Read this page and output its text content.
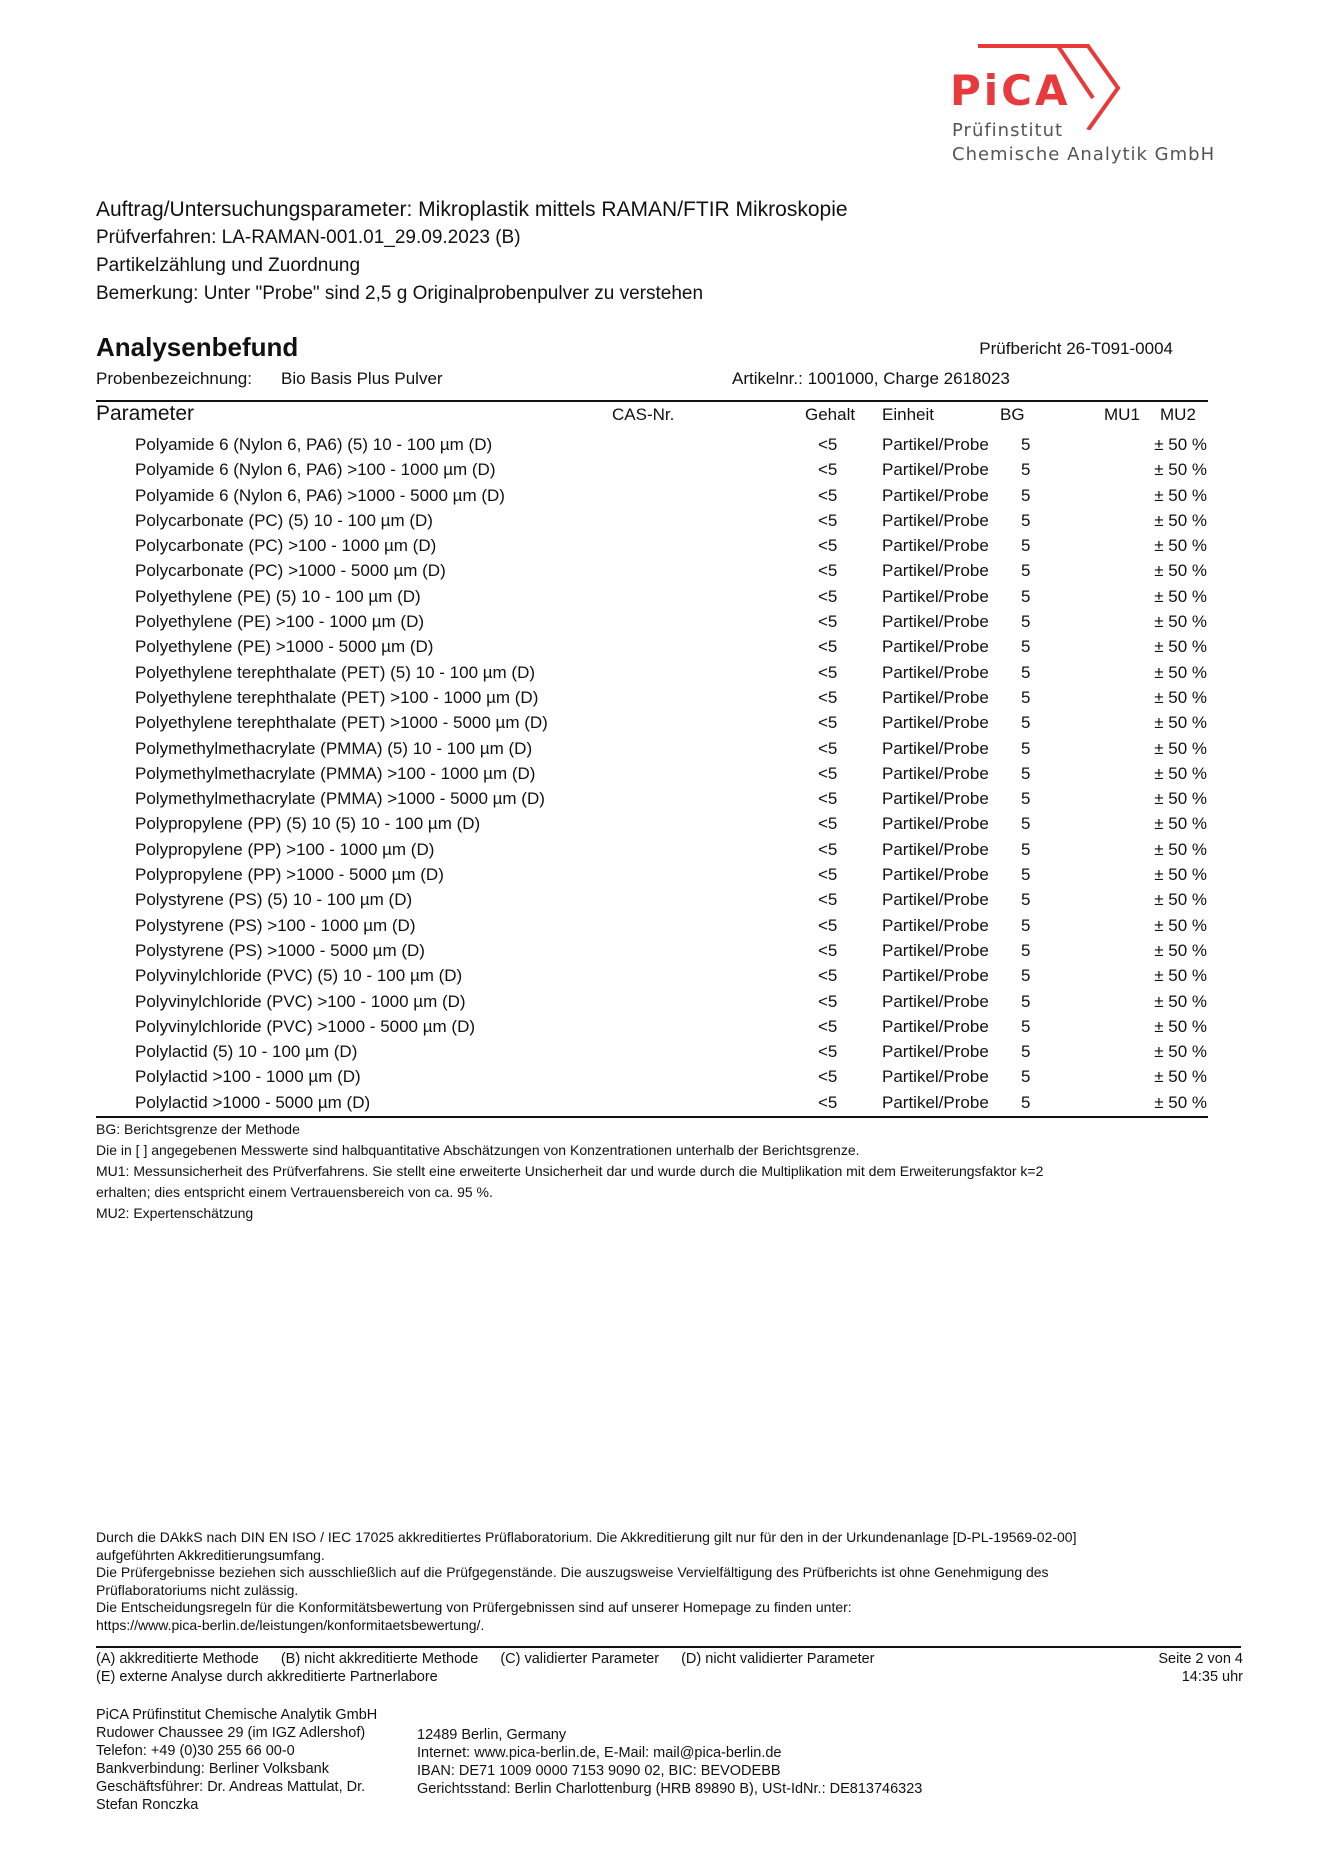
PiCA
Prüfinstitut
Chemische Analytik GmbH
Auftrag/Untersuchungsparameter: Mikroplastik mittels RAMAN/FTIR Mikroskopie
Prüfverfahren: LA-RAMAN-001.01_29.09.2023 (B)
Partikelzählung und Zuordnung
Bemerkung: Unter "Probe" sind 2,5 g Originalprobenpulver zu verstehen
Analysenbefund	Prüfbericht 26-T091-0004
Probenbezeichnung: Bio Basis Plus Pulver	Artikelnr.: 1001000, Charge 2618023
Parameter	CAS-Nr.	Gehalt Einheit	BG	MU1 MU2
Polyamide 6 (Nylon 6, PA6) (5) 10 - 100 µm (D)	<5	Partikel/Probe 5	± 50 %
Polyamide 6 (Nylon 6, PA6) >100 - 1000 µm (D)	<5	Partikel/Probe 5	± 50 %
Polyamide 6 (Nylon 6, PA6) >1000 - 5000 µm (D)	<5	Partikel/Probe 5	± 50 %
Polycarbonate (PC) (5) 10 - 100 µm (D)	<5	Partikel/Probe 5	± 50 %
Polycarbonate (PC) >100 - 1000 µm (D)	<5	Partikel/Probe 5	± 50 %
Polycarbonate (PC) >1000 - 5000 µm (D)	<5	Partikel/Probe 5	± 50 %
Polyethylene (PE) (5) 10 - 100 µm (D)	<5	Partikel/Probe 5	± 50 %
Polyethylene (PE) >100 - 1000 µm (D)	<5	Partikel/Probe 5	± 50 %
Polyethylene (PE) >1000 - 5000 µm (D)	<5	Partikel/Probe 5	± 50 %
Polyethylene terephthalate (PET) (5) 10 - 100 µm (D)	<5	Partikel/Probe 5	± 50 %
Polyethylene terephthalate (PET) >100 - 1000 µm (D)	<5	Partikel/Probe 5	± 50 %
Polyethylene terephthalate (PET) >1000 - 5000 µm (D)	<5	Partikel/Probe 5	± 50 %
Polymethylmethacrylate (PMMA) (5) 10 - 100 µm (D)	<5	Partikel/Probe 5	± 50 %
Polymethylmethacrylate (PMMA) >100 - 1000 µm (D)	<5	Partikel/Probe 5	± 50 %
Polymethylmethacrylate (PMMA) >1000 - 5000 µm (D)	<5	Partikel/Probe 5	± 50 %
Polypropylene (PP) (5) 10 (5) 10 - 100 µm (D)	<5	Partikel/Probe 5	± 50 %
Polypropylene (PP) >100 - 1000 µm (D)	<5	Partikel/Probe 5	± 50 %
Polypropylene (PP) >1000 - 5000 µm (D)	<5	Partikel/Probe 5	± 50 %
Polystyrene (PS) (5) 10 - 100 µm (D)	<5	Partikel/Probe 5	± 50 %
Polystyrene (PS) >100 - 1000 µm (D)	<5	Partikel/Probe 5	± 50 %
Polystyrene (PS) >1000 - 5000 µm (D)	<5	Partikel/Probe 5	± 50 %
Polyvinylchloride (PVC) (5) 10 - 100 µm (D)	<5	Partikel/Probe 5	± 50 %
Polyvinylchloride (PVC) >100 - 1000 µm (D)	<5	Partikel/Probe 5	± 50 %
Polyvinylchloride (PVC) >1000 - 5000 µm (D)	<5	Partikel/Probe 5	± 50 %
Polylactid (5) 10 - 100 µm (D)	<5	Partikel/Probe 5	± 50 %
Polylactid >100 - 1000 µm (D)	<5	Partikel/Probe 5	± 50 %
Polylactid >1000 - 5000 µm (D)	<5	Partikel/Probe 5	± 50 %
BG: Berichtsgrenze der Methode
Die in [ ] angegebenen Messwerte sind halbquantitative Abschätzungen von Konzentrationen unterhalb der Berichtsgrenze.
MU1: Messunsicherheit des Prüfverfahrens. Sie stellt eine erweiterte Unsicherheit dar und wurde durch die Multiplikation mit dem Erweiterungsfaktor k=2
erhalten; dies entspricht einem Vertrauensbereich von ca. 95 %.
MU2: Expertenschätzung
Durch die DAkkS nach DIN EN ISO / IEC 17025 akkreditiertes Prüflaboratorium. Die Akkreditierung gilt nur für den in der Urkundenanlage [D-PL-19569-02-00]
aufgeführten Akkreditierungsumfang.
Die Prüfergebnisse beziehen sich ausschließlich auf die Prüfgegenstände. Die auszugsweise Vervielfältigung des Prüfberichts ist ohne Genehmigung des
Prüflaboratoriums nicht zulässig.
Die Entscheidungsregeln für die Konformitätsbewertung von Prüfergebnissen sind auf unserer Homepage zu finden unter:
https://www.pica-berlin.de/leistungen/konformitaetsbewertung/.
(A) akkreditierte Methode (B) nicht akkreditierte Methode (C) validierter Parameter (D) nicht validierter Parameter
(E) externe Analyse durch akkreditierte Partnerlabore
Seite 2 von 4
14:35 uhr
PiCA Prüfinstitut Chemische Analytik GmbH
Rudower Chaussee 29 (im IGZ Adlershof)
Telefon: +49 (0)30 255 66 00-0
Bankverbindung: Berliner Volksbank
Geschäftsführer: Dr. Andreas Mattulat, Dr.
Stefan Ronczka
12489 Berlin, Germany
Internet: www.pica-berlin.de, E-Mail: mail@pica-berlin.de
IBAN: DE71 1009 0000 7153 9090 02, BIC: BEVODEBB
Gerichtsstand: Berlin Charlottenburg (HRB 89890 B), USt-IdNr.: DE813746323
